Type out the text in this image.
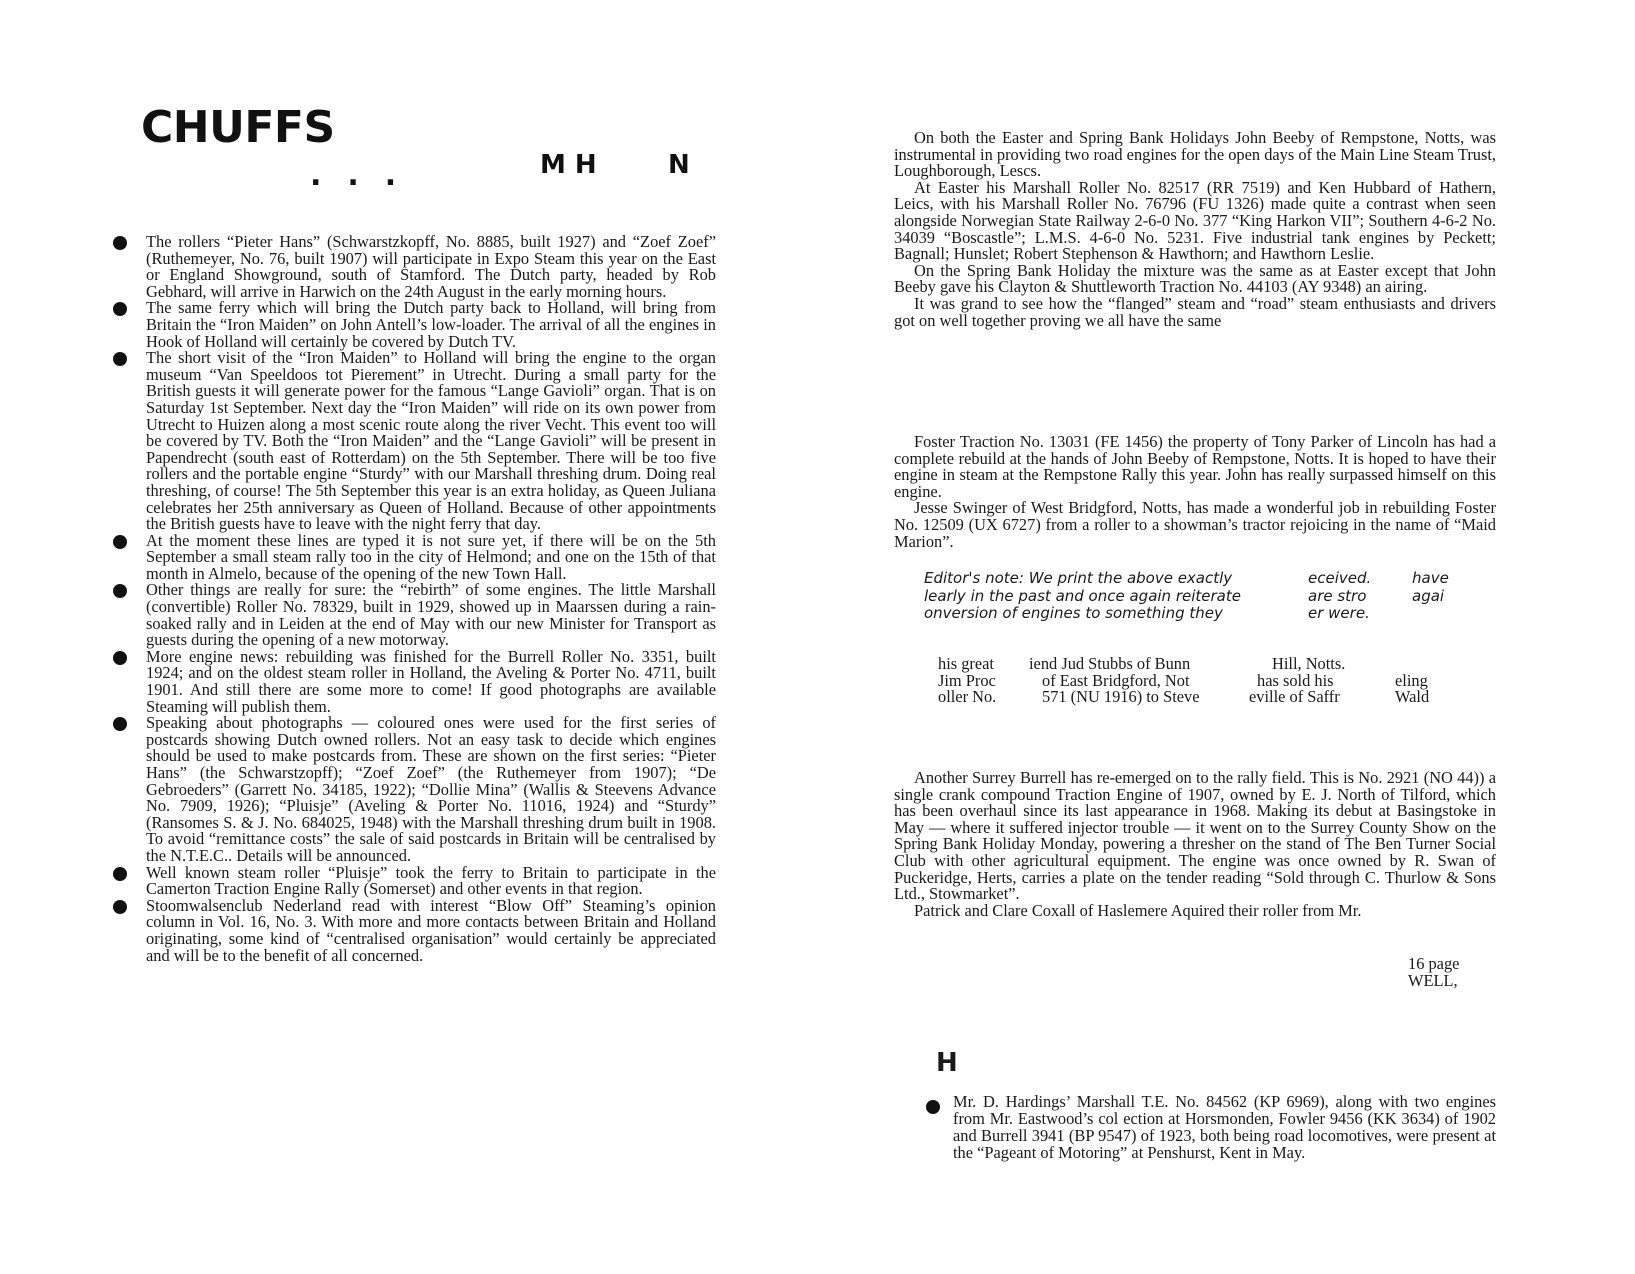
CHUFFS
...	M H	N
The rollers “Pieter Hans” (Schwarstzkopff, No. 8885, built 1927) and “Zoef Zoef” (Ruthemeyer, No. 76, built 1907) will participate in Expo Steam this year on the East or England Showground, south of Stamford. The Dutch party, headed by Rob Gebhard, will arrive in Harwich on the 24th August in the early morning hours.
The same ferry which will bring the Dutch party back to Holland, will bring from Britain the “Iron Maiden” on John Antell’s low-loader. The arrival of all the engines in Hook of Holland will certainly be covered by Dutch TV.
The short visit of the “Iron Maiden” to Holland will bring the engine to the organ museum “Van Speeldoos tot Pierement” in Utrecht. During a small party for the British guests it will generate power for the famous “Lange Gavioli” organ. That is on Saturday 1st September. Next day the “Iron Maiden” will ride on its own power from Utrecht to Huizen along a most scenic route along the river Vecht. This event too will be covered by TV. Both the “Iron Maiden” and the “Lange Gavioli” will be present in Papendrecht (south east of Rotterdam) on the 5th September. There will be too five rollers and the portable engine “Sturdy” with our Marshall threshing drum. Doing real threshing, of course! The 5th September this year is an extra holiday, as Queen Juliana celebrates her 25th anniversary as Queen of Holland. Because of other appointments the British guests have to leave with the night ferry that day.
At the moment these lines are typed it is not sure yet, if there will be on the 5th September a small steam rally too in the city of Helmond; and one on the 15th of that month in Almelo, because of the opening of the new Town Hall.
Other things are really for sure: the “rebirth” of some engines. The little Marshall (convertible) Roller No. 78329, built in 1929, showed up in Maarssen during a rain-soaked rally and in Leiden at the end of May with our new Minister for Transport as guests during the opening of a new motorway.
More engine news: rebuilding was finished for the Burrell Roller No. 3351, built 1924; and on the oldest steam roller in Holland, the Aveling & Porter No. 4711, built 1901. And still there are some more to come! If good photographs are available Steaming will publish them.
Speaking about photographs — coloured ones were used for the first series of postcards showing Dutch owned rollers. Not an easy task to decide which engines should be used to make postcards from. These are shown on the first series: “Pieter Hans” (the Schwarstzopff); “Zoef Zoef” (the Ruthemeyer from 1907); “De Gebroeders” (Garrett No. 34185, 1922); “Dollie Mina” (Wallis & Steevens Advance No. 7909, 1926); “Pluisje” (Aveling & Porter No. 11016, 1924) and “Sturdy” (Ransomes S. & J. No. 684025, 1948) with the Marshall threshing drum built in 1908. To avoid “remittance costs” the sale of said postcards in Britain will be centralised by the N.T.E.C.. Details will be announced.
Well known steam roller “Pluisje” took the ferry to Britain to participate in the Camerton Traction Engine Rally (Somerset) and other events in that region.
Stoomwalsenclub Nederland read with interest “Blow Off” Steaming’s opinion column in Vol. 16, No. 3. With more and more contacts between Britain and Holland originating, some kind of “centralised organisation” would certainly be appreciated and will be to the benefit of all concerned.

On both the Easter and Spring Bank Holidays John Beeby of Rempstone, Notts, was instrumental in providing two road engines for the open days of the Main Line Steam Trust, Loughborough, Lescs.

At Easter his Marshall Roller No. 82517 (RR 7519) and Ken Hubbard of Hathern, Leics, with his Marshall Roller No. 76796 (FU 1326) made quite a contrast when seen alongside Norwegian State Railway 2-6-0 No. 377 “King Harkon VII”; Southern 4-6-2 No. 34039 “Boscastle”; L.M.S. 4-6-0 No. 5231. Five industrial tank engines by Peckett; Bagnall; Hunslet; Robert Stephenson & Hawthorn; and Hawthorn Leslie.

On the Spring Bank Holiday the mixture was the same as at Easter except that John Beeby gave his Clayton & Shuttleworth Traction No. 44103 (AY 9348) an airing.

It was grand to see how the “flanged” steam and “road” steam enthusiasts and drivers got on well together proving we all have the same

Foster Traction No. 13031 (FE 1456) the property of Tony Parker of Lincoln has had a complete rebuild at the hands of John Beeby of Rempstone, Notts. It is hoped to have their engine in steam at the Rempstone Rally this year. John has really surpassed himself on this engine.

Jesse Swinger of West Bridgford, Notts, has made a wonderful job in rebuilding Foster No. 12509 (UX 6727) from a roller to a showman’s tractor rejoicing in the name of “Maid Marion”.

Editor's note: We print the above exactly
learly in the past and once again reiterate
onversion of engines to something they
eceived.
are stro
er were.
have
agai
his great
Jim Proc
oller No.
iend Jud Stubbs of Bunn
of East Bridgford, Not
571 (NU 1916) to Steve
Hill, Notts.
has sold his
eville of Saffr

eling
Wald

Another Surrey Burrell has re-emerged on to the rally field. This is No. 2921 (NO 44)) a single crank compound Traction Engine of 1907, owned by E. J. North of Tilford, which has been overhaul since its last appearance in 1968. Making its debut at Basingstoke in May — where it suffered injector trouble — it went on to the Surrey County Show on the Spring Bank Holiday Monday, powering a thresher on the stand of The Ben Turner Social Club with other agricultural equipment. The engine was once owned by R. Swan of Puckeridge, Herts, carries a plate on the tender reading “Sold through C. Thurlow & Sons Ltd., Stowmarket”.

Patrick and Clare Coxall of Haslemere Aquired their roller from Mr.

16 page
WELL,
H
Mr. D. Hardings’ Marshall T.E. No. 84562 (KP 6969), along with two engines from Mr. Eastwood’s col ection at Horsmonden, Fowler 9456 (KK 3634) of 1902 and Burrell 3941 (BP 9547) of 1923, both being road locomotives, were present at the “Pageant of Motoring” at Penshurst, Kent in May.
